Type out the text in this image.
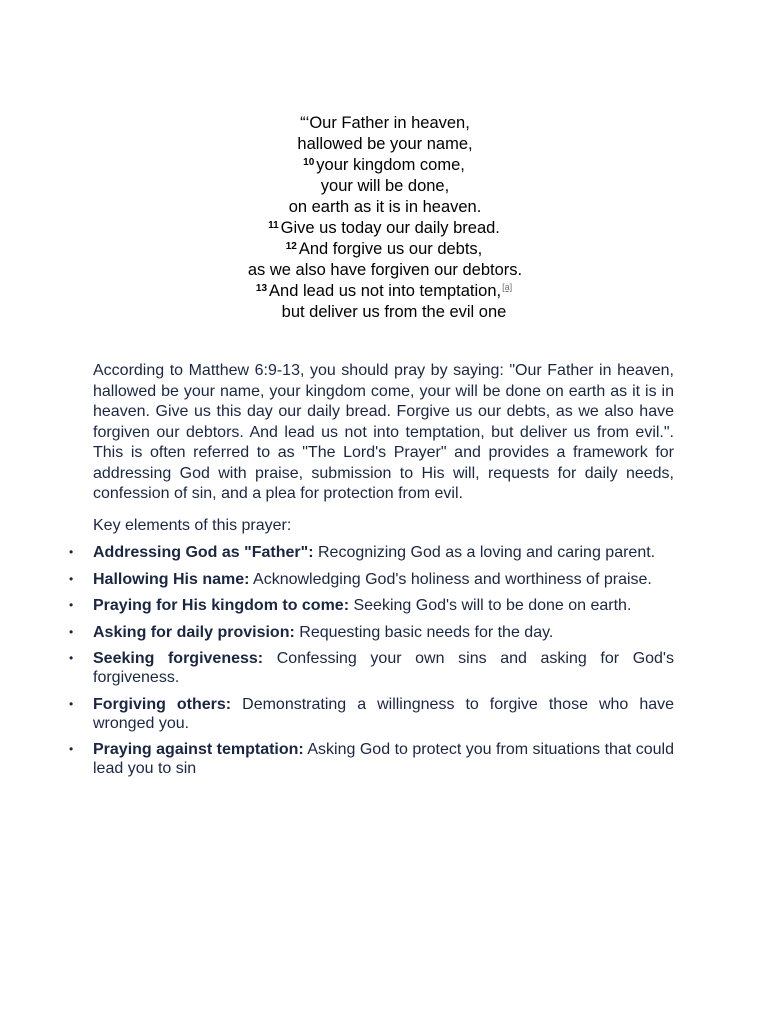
“‘Our Father in heaven,
hallowed be your name,
$^{10}$ your kingdom come,
your will be done,
on earth as it is in heaven.
$^{11}$ Give us today our daily bread.
$^{12}$ And forgive us our debts,
as we also have forgiven our debtors.
$^{13}$ And lead us not into temptation,[a]
but deliver us from the evil one

According to Matthew 6:9-13, you should pray by saying: "Our Father in heaven, hallowed be your name, your kingdom come, your will be done on earth as it is in heaven. Give us this day our daily bread. Forgive us our debts, as we also have forgiven our debtors. And lead us not into temptation, but deliver us from evil.". This is often referred to as "The Lord's Prayer" and provides a framework for addressing God with praise, submission to His will, requests for daily needs, confession of sin, and a plea for protection from evil.

Key elements of this prayer:

• Addressing God as "Father": Recognizing God as a loving and caring parent.
• Hallowing His name: Acknowledging God's holiness and worthiness of praise.
• Praying for His kingdom to come: Seeking God's will to be done on earth.
• Asking for daily provision: Requesting basic needs for the day.
• Seeking forgiveness: Confessing your own sins and asking for God's forgiveness.
• Forgiving others: Demonstrating a willingness to forgive those who have wronged you.
• Praying against temptation: Asking God to protect you from situations that could lead you to sin
